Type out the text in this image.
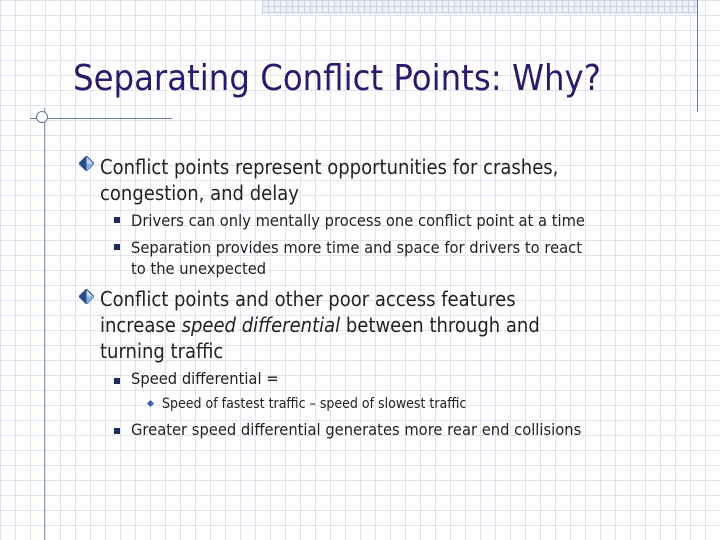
Separating Conflict Points: Why?

Conflict points represent opportunities for crashes,

congestion, and delay

Drivers can only mentally process one conflict point at a time

Separation provides more time and space for drivers to react

to the unexpected

Conflict points and other poor access features

increase speed differential between through and

turning traffic

Speed differential =

Speed of fastest traffic – speed of slowest traffic

Greater speed differential generates more rear end collisions
